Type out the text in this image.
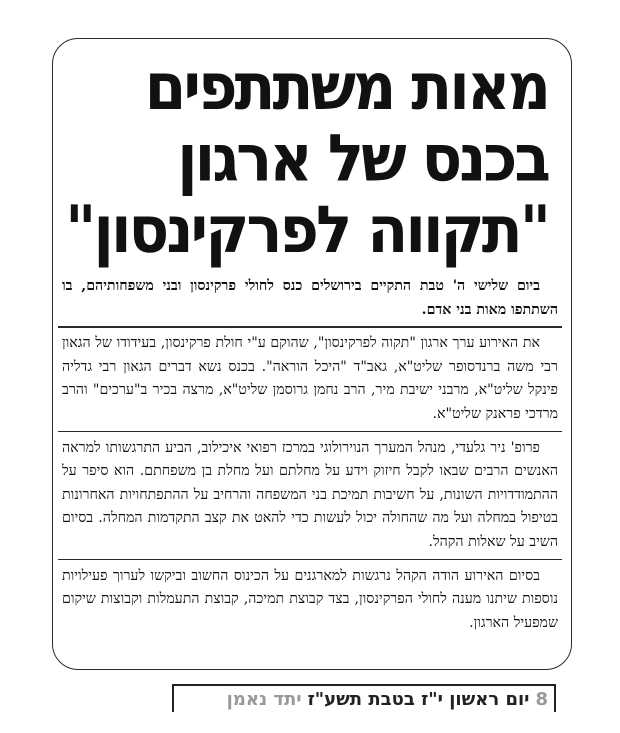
מאות משתתפים
בכנס של ארגון
"תקווה לפרקינסון"

ביום שלישי ה' טבת התקיים בירושלים כנס לחולי פרקינסון ובני משפחותיהם, בו השתתפו מאות בני אדם.

את האירוע ערך ארגון "תקוה לפרקינסון", שהוקם ע"י חולת פרקינסון, בעידודו של הגאון רבי משה ברנדסופר שליט"א, גאב"ד "היכל הוראה". בכנס נשא דברים הגאון רבי גדליה פינקל שליט"א, מרבני ישיבת מיר, הרב נחמן גרוסמן שליט"א, מרצה בכיר ב"ערכים" והרב מרדכי פראנק שליט"א.

פרופ' ניר גלעדי, מנהל המערך הנוירולוגי במרכז רפואי איכילוב, הביע התרגשותו למראה האנשים הרבים שבאו לקבל חיזוק וידע על מחלתם ועל מחלת בן משפחתם. הוא סיפר על ההתמודדויות השונות, על חשיבות תמיכת בני המשפחה והרחיב על ההתפתחויות האחרונות בטיפול במחלה ועל מה שהחולה יכול לעשות כדי להאט את קצב התקדמות המחלה. בסיום השיב על שאלות הקהל.

בסיום האירוע הודה הקהל נרגשות למארגנים על הכינוס החשוב וביקשו לערוך פעילויות נוספות שיתנו מענה לחולי הפרקינסון, בצד קבוצת תמיכה, קבוצת התעמלות וקבוצות שיקום שמפעיל הארגון.

8
יום ראשון י"ז בטבת תשע"ז
יתד נאמן
